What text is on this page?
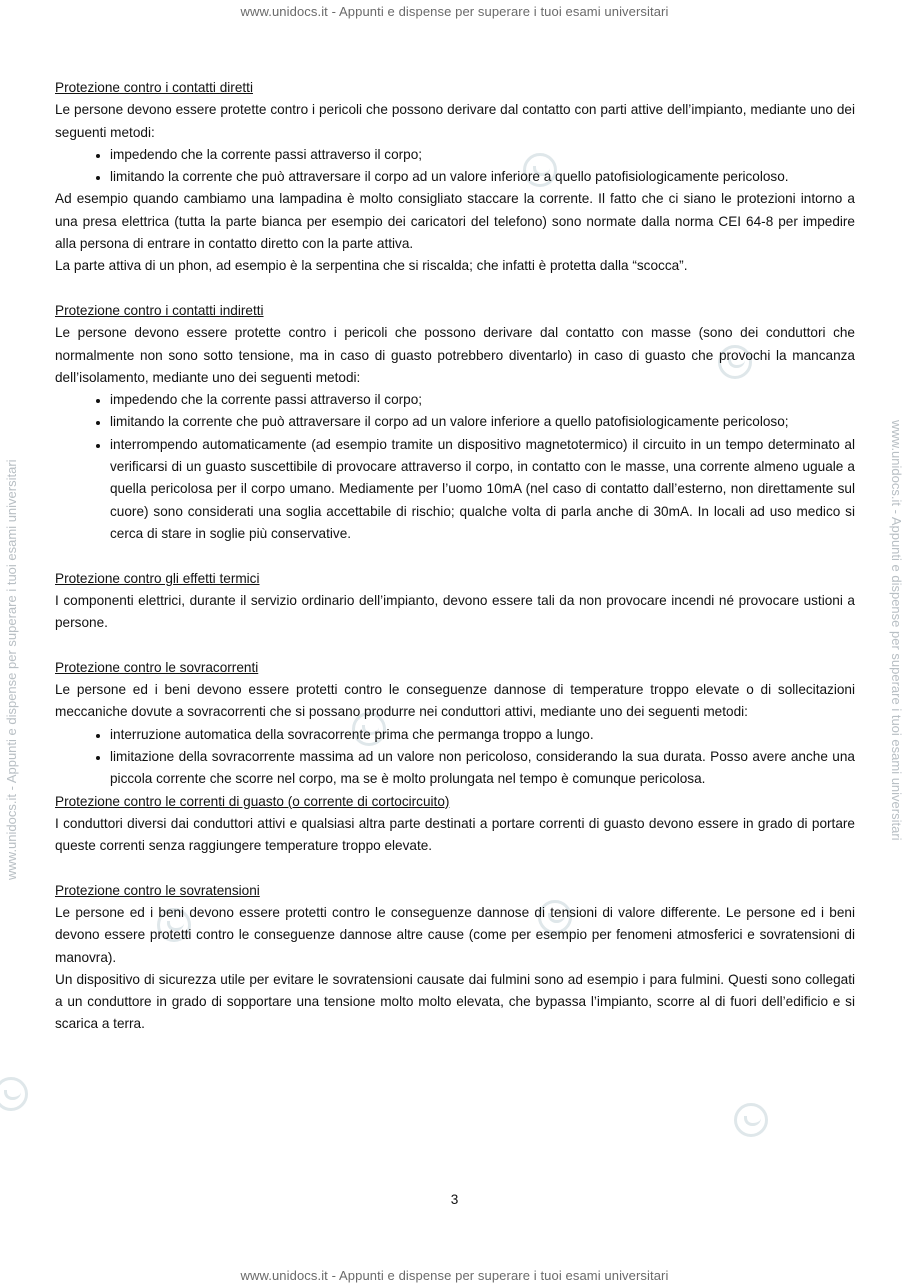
www.unidocs.it - Appunti e dispense per superare i tuoi esami universitari
www.unidocs.it - Appunti e dispense per superare i tuoi esami universitari
www.unidocs.it - Appunti e dispense per superare i tuoi esami universitari	www.unidocs.it - Appunti e dispense per superare i tuoi esami universitari

Protezione contro i contatti diretti

Le persone devono essere protette contro i pericoli che possono derivare dal contatto con parti attive dell’impianto, mediante uno dei seguenti metodi:

• impedendo che la corrente passi attraverso il corpo;
• limitando la corrente che può attraversare il corpo ad un valore inferiore a quello patofisiologicamente pericoloso.

Ad esempio quando cambiamo una lampadina è molto consigliato staccare la corrente. Il fatto che ci siano le protezioni intorno a una presa elettrica (tutta la parte bianca per esempio dei caricatori del telefono) sono normate dalla norma CEI 64-8 per impedire alla persona di entrare in contatto diretto con la parte attiva.

La parte attiva di un phon, ad esempio è la serpentina che si riscalda; che infatti è protetta dalla “scocca”.

Protezione contro i contatti indiretti

Le persone devono essere protette contro i pericoli che possono derivare dal contatto con masse (sono dei conduttori che normalmente non sono sotto tensione, ma in caso di guasto potrebbero diventarlo) in caso di guasto che provochi la mancanza dell’isolamento, mediante uno dei seguenti metodi:

• impedendo che la corrente passi attraverso il corpo;
• limitando la corrente che può attraversare il corpo ad un valore inferiore a quello patofisiologicamente pericoloso;
• interrompendo automaticamente (ad esempio tramite un dispositivo magnetotermico) il circuito in un tempo determinato al verificarsi di un guasto suscettibile di provocare attraverso il corpo, in contatto con le masse, una corrente almeno uguale a quella pericolosa per il corpo umano. Mediamente per l’uomo 10mA (nel caso di contatto dall’esterno, non direttamente sul cuore) sono considerati una soglia accettabile di rischio; qualche volta di parla anche di 30mA. In locali ad uso medico si cerca di stare in soglie più conservative.

Protezione contro gli effetti termici

I componenti elettrici, durante il servizio ordinario dell’impianto, devono essere tali da non provocare incendi né provocare ustioni a persone.

Protezione contro le sovracorrenti

Le persone ed i beni devono essere protetti contro le conseguenze dannose di temperature troppo elevate o di sollecitazioni meccaniche dovute a sovracorrenti che si possano produrre nei conduttori attivi, mediante uno dei seguenti metodi:

• interruzione automatica della sovracorrente prima che permanga troppo a lungo.
• limitazione della sovracorrente massima ad un valore non pericoloso, considerando la sua durata. Posso avere anche una piccola corrente che scorre nel corpo, ma se è molto prolungata nel tempo è comunque pericolosa.

Protezione contro le correnti di guasto (o corrente di cortocircuito)

I conduttori diversi dai conduttori attivi e qualsiasi altra parte destinati a portare correnti di guasto devono essere in grado di portare queste correnti senza raggiungere temperature troppo elevate.

Protezione contro le sovratensioni

Le persone ed i beni devono essere protetti contro le conseguenze dannose di tensioni di valore differente. Le persone ed i beni devono essere protetti contro le conseguenze dannose altre cause (come per esempio per fenomeni atmosferici e sovratensioni di manovra).

Un dispositivo di sicurezza utile per evitare le sovratensioni causate dai fulmini sono ad esempio i para fulmini. Questi sono collegati a un conduttore in grado di sopportare una tensione molto molto elevata, che bypassa l’impianto, scorre al di fuori dell’edificio e si scarica a terra.

3
